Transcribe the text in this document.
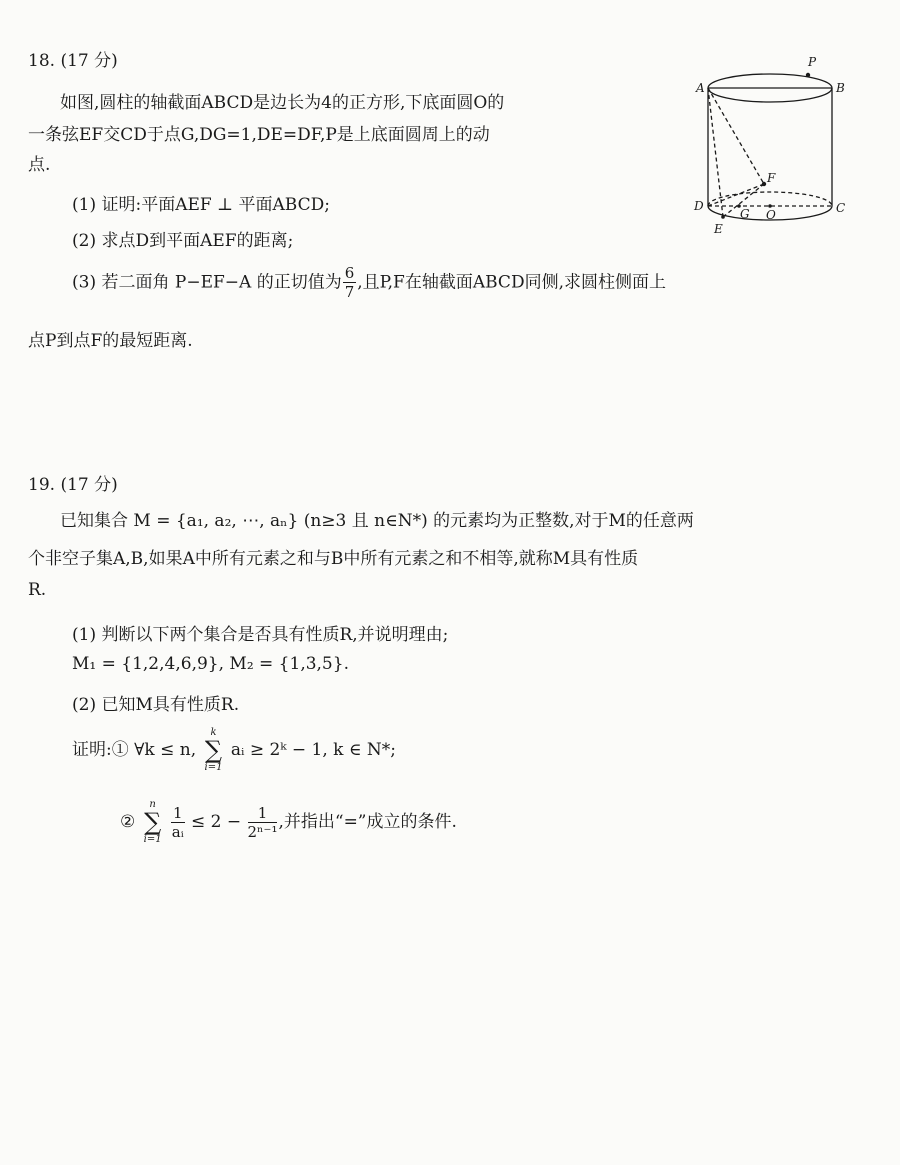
18. (17 分)
如图,圆柱的轴截面ABCD是边长为4的正方形,下底面圆O的
一条弦EF交CD于点G,DG=1,DE=DF,P是上底面圆周上的动
点.
(1) 证明:平面AEF ⊥ 平面ABCD;
(2) 求点D到平面AEF的距离;
(3) 若二面角 P−EF−A 的正切值为 $\frac{6}{7}$ ,且P,F在轴截面ABCD同侧,求圆柱侧面上
点P到点F的最短距离.
A	B
C
D
E
F
G O
P
19. (17 分)
已知集合 M = {a₁, a₂, ⋯, aₙ} (n≥3 且 n∈N*) 的元素均为正整数,对于M的任意两
个非空子集A,B,如果A中所有元素之和与B中所有元素之和不相等,就称M具有性质
R.
(1) 判断以下两个集合是否具有性质R,并说明理由;
M₁ = {1,2,4,6,9}, M₂ = {1,3,5}.
(2) 已知M具有性质R.
证明:① ∀k ≤ n,
k
∑
i=1
aᵢ ≥ 2ᵏ − 1, k ∈ N*;
②
n
∑
i=1

$\frac{1}{\text{aᵢ}} \le 2 - \frac{1}{\text{2ⁿ⁻¹}}$ ,并指出“=”成立的条件.
